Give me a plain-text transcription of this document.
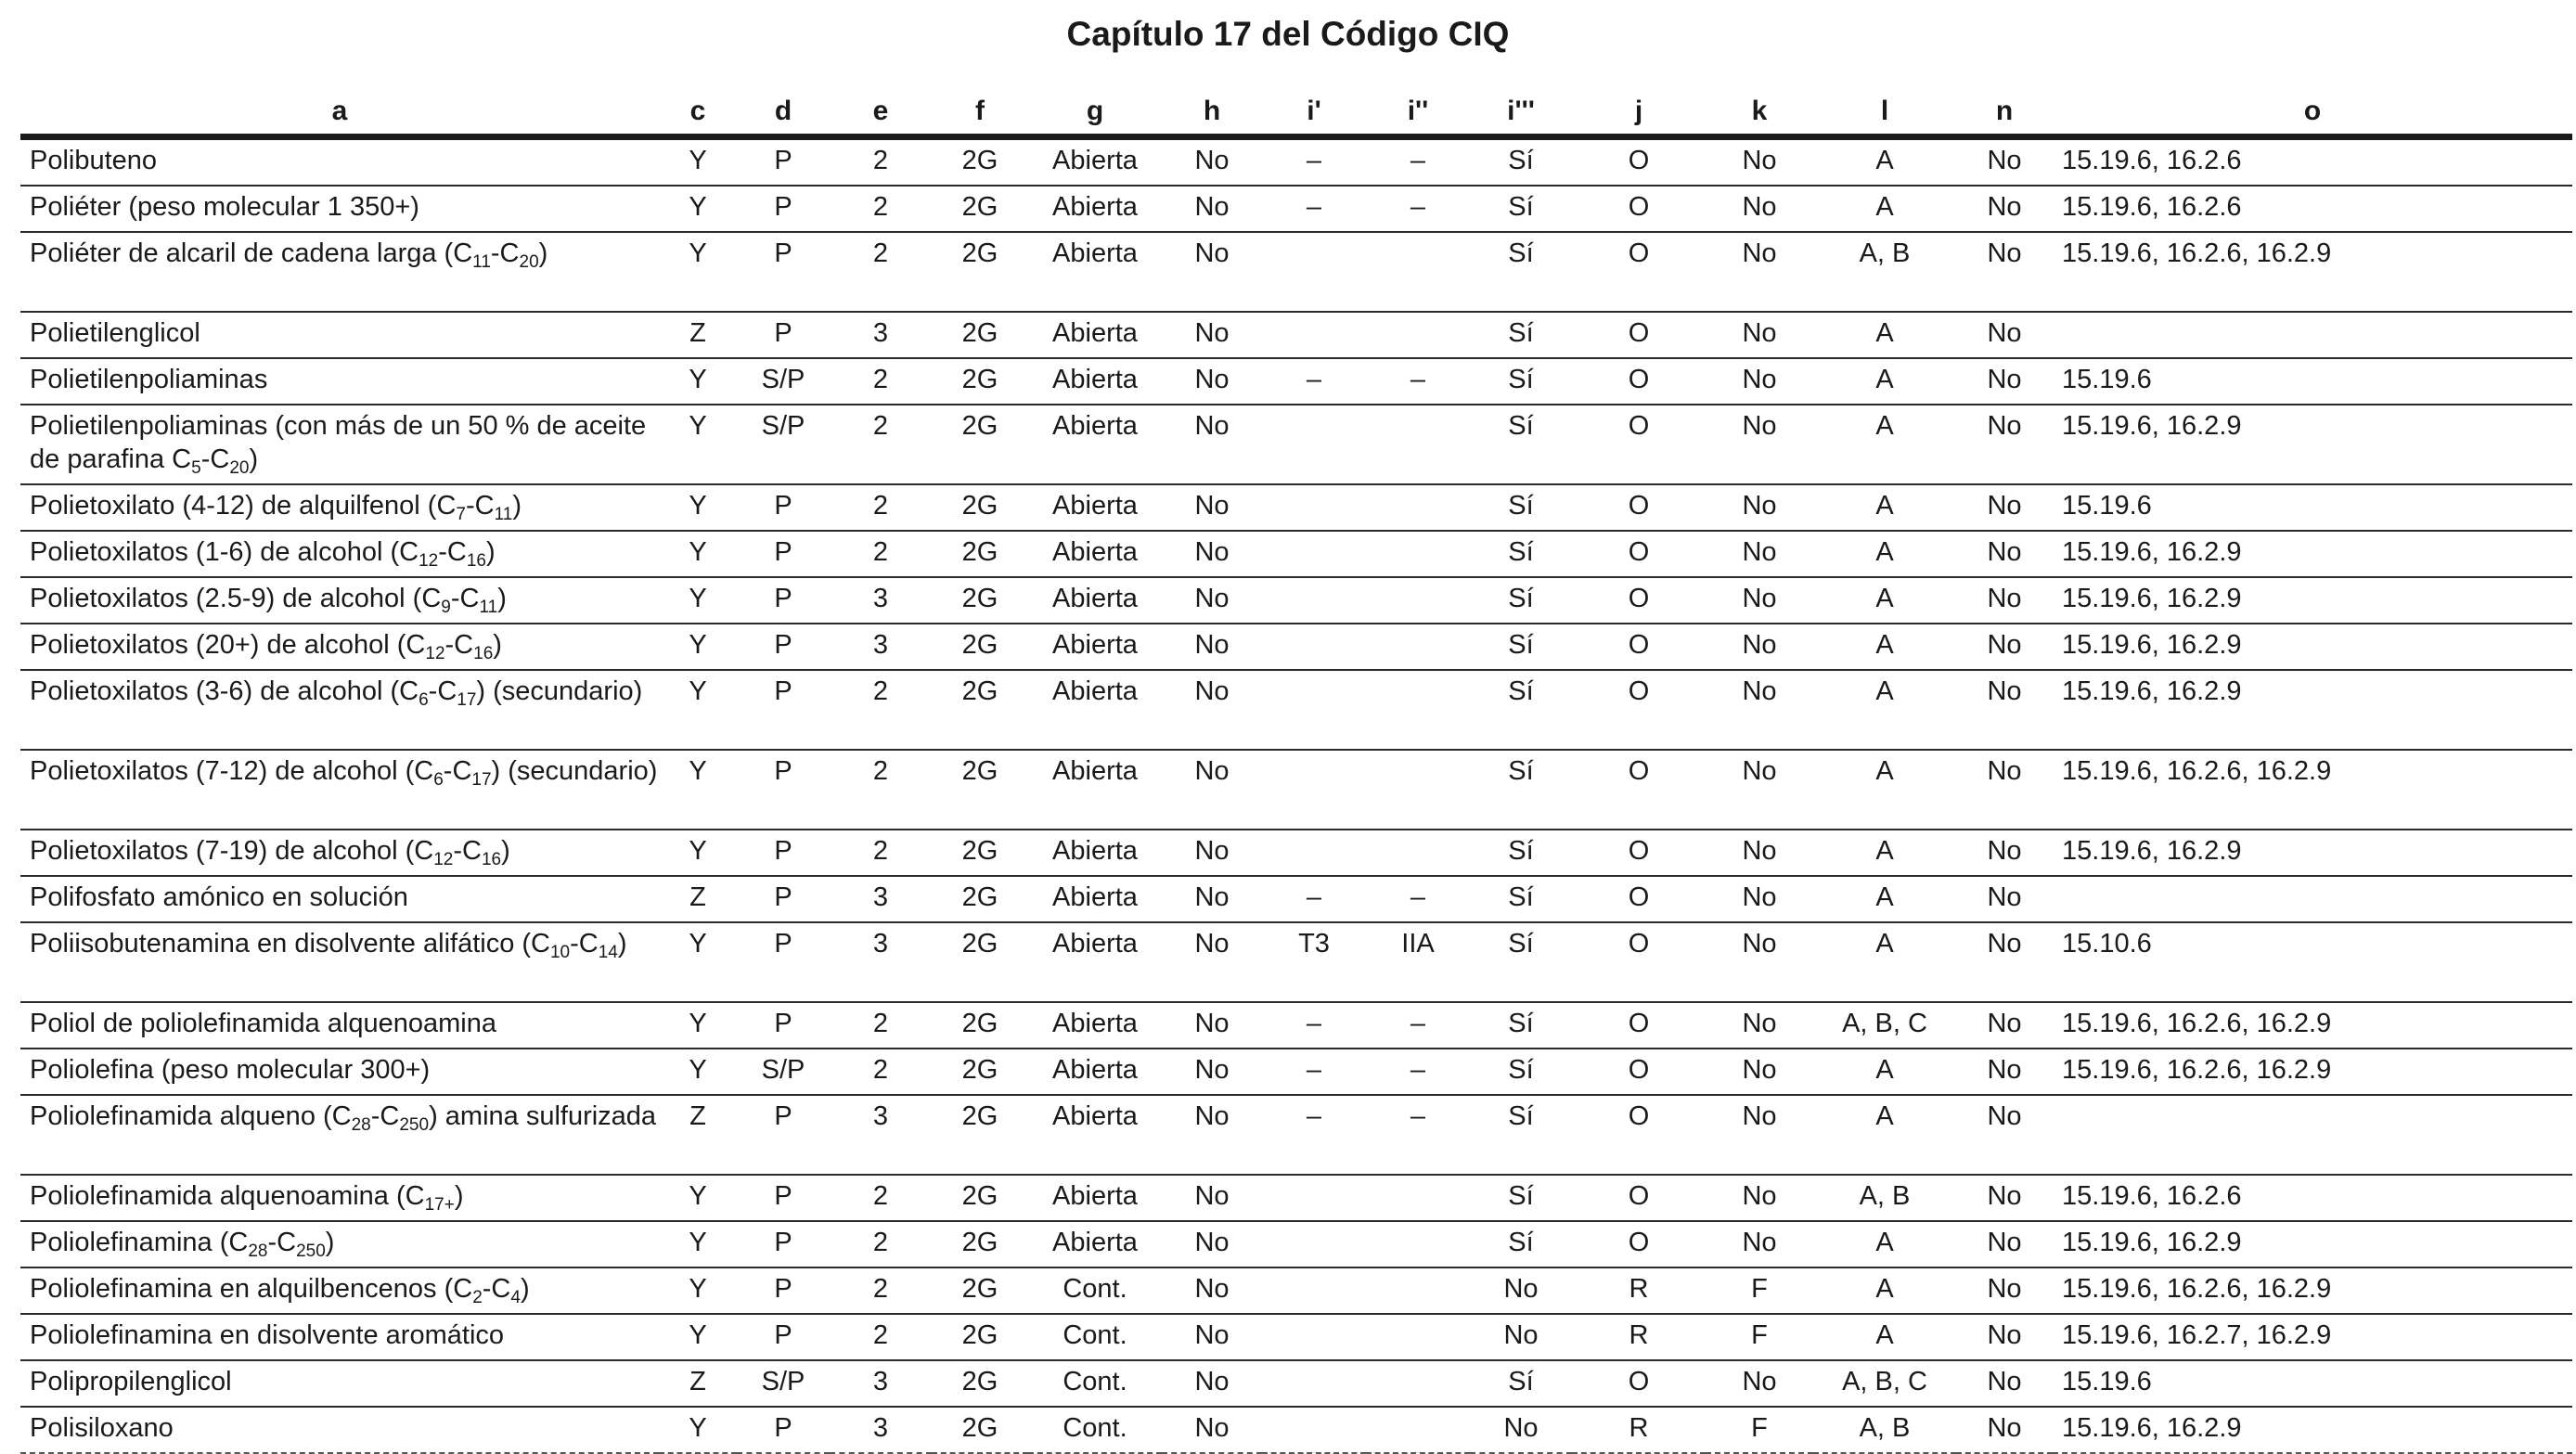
Capítulo 17 del Código CIQ
a	c	d	e	f	g	h	i'	i''	i'''	j	k	l	n	o
Polibuteno	Y	P	2	2G	Abierta	No	–	–	Sí	O	No	A	No	15.19.6, 16.2.6
Poliéter (peso molecular 1 350+)	Y	P	2	2G	Abierta	No	–	–	Sí	O	No	A	No	15.19.6, 16.2.6
Poliéter de alcaril de cadena larga $(C_{11}-C_{20})$	Y	P	2	2G	Abierta	No			Sí	O	No	A, B	No	15.19.6, 16.2.6, 16.2.9
Polietilenglicol	Z	P	3	2G	Abierta	No			Sí	O	No	A	No	
Polietilenpoliaminas	Y	S/P	2	2G	Abierta	No	–	–	Sí	O	No	A	No	15.19.6
Polietilenpoliaminas (con más de un 50 % de aceite de parafina $C_5-C_{20}$)	Y	S/P	2	2G	Abierta	No			Sí	O	No	A	No	15.19.6, 16.2.9
Polietoxilato (4-12) de alquilfenol $(C_7-C_{11})$	Y	P	2	2G	Abierta	No			Sí	O	No	A	No	15.19.6
Polietoxilatos (1-6) de alcohol $(C_{12}-C_{16})$	Y	P	2	2G	Abierta	No			Sí	O	No	A	No	15.19.6, 16.2.9
Polietoxilatos (2.5-9) de alcohol $(C_9-C_{11})$	Y	P	3	2G	Abierta	No			Sí	O	No	A	No	15.19.6, 16.2.9
Polietoxilatos (20+) de alcohol $(C_{12}-C_{16})$	Y	P	3	2G	Abierta	No			Sí	O	No	A	No	15.19.6, 16.2.9
Polietoxilatos (3-6) de alcohol $(C_6-C_{17})$ (secundario)	Y	P	2	2G	Abierta	No			Sí	O	No	A	No	15.19.6, 16.2.9
Polietoxilatos (7-12) de alcohol $(C_6-C_{17})$ (secundario)	Y	P	2	2G	Abierta	No			Sí	O	No	A	No	15.19.6, 16.2.6, 16.2.9
Polietoxilatos (7-19) de alcohol $(C_{12}-C_{16})$	Y	P	2	2G	Abierta	No			Sí	O	No	A	No	15.19.6, 16.2.9
Polifosfato amónico en solución	Z	P	3	2G	Abierta	No	–	–	Sí	O	No	A	No	
Poliisobutenamina en disolvente alifático $(C_{10}-C_{14})$	Y	P	3	2G	Abierta	No	T3	IIA	Sí	O	No	A	No	15.10.6
Poliol de poliolefinamida alquenoamina	Y	P	2	2G	Abierta	No	–	–	Sí	O	No	A, B, C	No	15.19.6, 16.2.6, 16.2.9
Poliolefina (peso molecular 300+)	Y	S/P	2	2G	Abierta	No	–	–	Sí	O	No	A	No	15.19.6, 16.2.6, 16.2.9
Poliolefinamida alqueno $(C_{28}-C_{250})$ amina sulfurizada	Z	P	3	2G	Abierta	No	–	–	Sí	O	No	A	No	
Poliolefinamida alquenoamina $(C_{17+})$	Y	P	2	2G	Abierta	No			Sí	O	No	A, B	No	15.19.6, 16.2.6
Poliolefinamina $(C_{28}-C_{250})$	Y	P	2	2G	Abierta	No			Sí	O	No	A	No	15.19.6, 16.2.9
Poliolefinamina en alquilbencenos $(C_2-C_4)$	Y	P	2	2G	Cont.	No			No	R	F	A	No	15.19.6, 16.2.6, 16.2.9
Poliolefinamina en disolvente aromático	Y	P	2	2G	Cont.	No			No	R	F	A	No	15.19.6, 16.2.7, 16.2.9
Polipropilenglicol	Z	S/P	3	2G	Cont.	No			Sí	O	No	A, B, C	No	15.19.6
Polisiloxano	Y	P	3	2G	Cont.	No			No	R	F	A, B	No	15.19.6, 16.2.9
